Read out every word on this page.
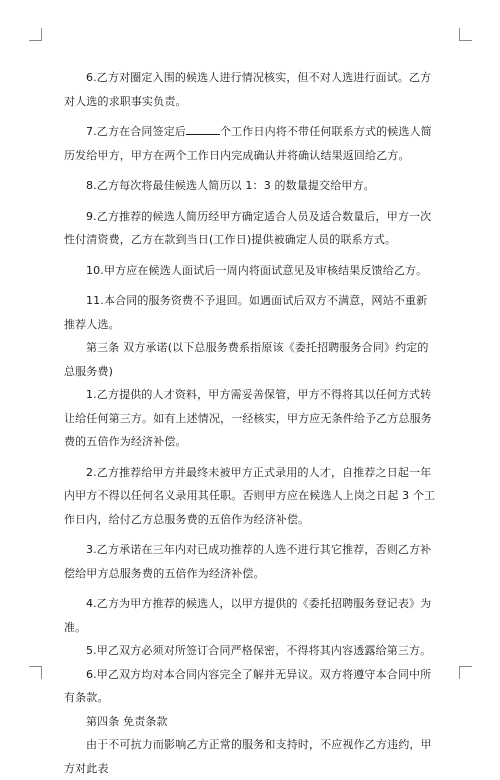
6.乙方对圈定入围的候选人进行情况核实，但不对人选进行面试。乙方对人选的求职事实负责。

7.乙方在合同签定后	个工作日内将不带任何联系方式的候选人简历发给甲方，甲方在两个工作日内完成确认并将确认结果返回给乙方。

8.乙方每次将最佳候选人简历以 1：3 的数量提交给甲方。

9.乙方推荐的候选人简历经甲方确定适合人员及适合数量后，甲方一次性付清资费，乙方在款到当日(工作日)提供被确定人员的联系方式。

10.甲方应在候选人面试后一周内将面试意见及审核结果反馈给乙方。

11.本合同的服务资费不予退回。如遇面试后双方不满意，网站不重新推荐人选。

第三条 双方承诺(以下总服务费系指原该《委托招聘服务合同》约定的总服务费)

1.乙方提供的人才资料，甲方需妥善保管，甲方不得将其以任何方式转让给任何第三方。如有上述情况，一经核实，甲方应无条件给予乙方总服务费的五倍作为经济补偿。

2.乙方推荐给甲方并最终未被甲方正式录用的人才，自推荐之日起一年内甲方不得以任何名义录用其任职。否则甲方应在候选人上岗之日起 3 个工作日内，给付乙方总服务费的五倍作为经济补偿。

3.乙方承诺在三年内对已成功推荐的人选不进行其它推荐，否则乙方补偿给甲方总服务费的五倍作为经济补偿。

4.乙方为甲方推荐的候选人，以甲方提供的《委托招聘服务登记表》为准。

5.甲乙双方必须对所签订合同严格保密，不得将其内容透露给第三方。

6.甲乙双方均对本合同内容完全了解并无异议。双方将遵守本合同中所有条款。

第四条 免责条款

由于不可抗力而影响乙方正常的服务和支持时，不应视作乙方违约，甲方对此表
